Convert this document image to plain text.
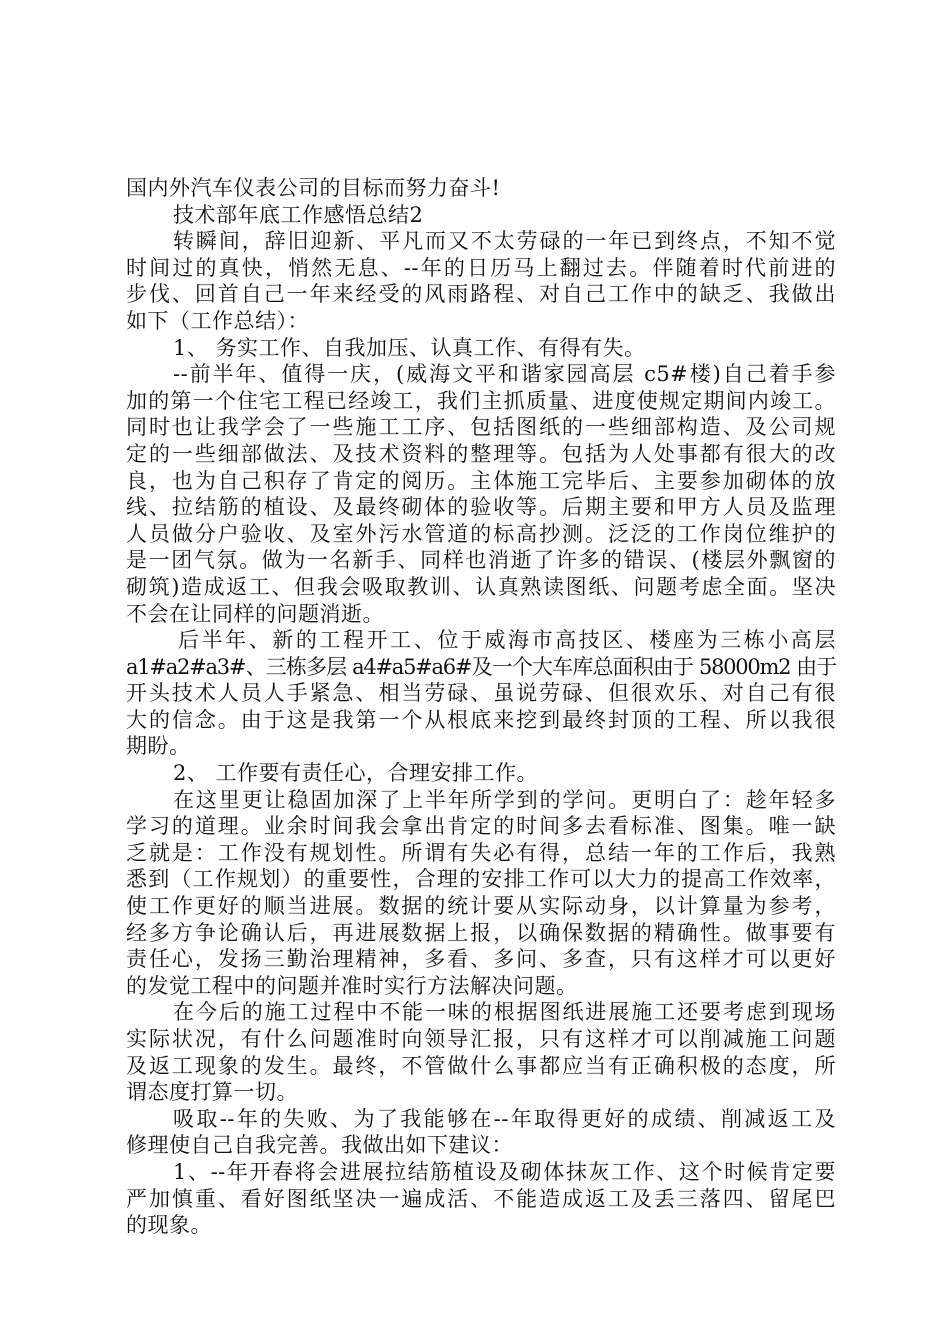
国内外汽车仪表公司的目标而努力奋斗!
技术部年底工作感悟总结2
转瞬间，辞旧迎新、平凡而又不太劳碌的一年已到终点，不知不觉
时间过的真快，悄然无息、--年的日历马上翻过去。伴随着时代前进的
步伐、回首自己一年来经受的风雨路程、对自己工作中的缺乏、我做出
如下（工作总结）：
1、 务实工作、自我加压、认真工作、有得有失。
--前半年、值得一庆，(威海文平和谐家园高层 c5#楼)自己着手参
加的第一个住宅工程已经竣工，我们主抓质量、进度使规定期间内竣工。
同时也让我学会了一些施工工序、包括图纸的一些细部构造、及公司规
定的一些细部做法、及技术资料的整理等。包括为人处事都有很大的改
良，也为自己积存了肯定的阅历。主体施工完毕后、主要参加砌体的放
线、拉结筋的植设、及最终砌体的验收等。后期主要和甲方人员及监理
人员做分户验收、及室外污水管道的标高抄测。泛泛的工作岗位维护的
是一团气氛。做为一名新手、同样也消逝了许多的错误、(楼层外飘窗的
砌筑)造成返工、但我会吸取教训、认真熟读图纸、问题考虑全面。坚决
不会在让同样的问题消逝。
后半年、新的工程开工、位于威海市高技区、楼座为三栋小高层
a1#a2#a3#、三栋多层 a4#a5#a6#及一个大车库总面积由于 58000m2 由于
开头技术人员人手紧急、相当劳碌、虽说劳碌、但很欢乐、对自己有很
大的信念。由于这是我第一个从根底来挖到最终封顶的工程、所以我很
期盼。
2、 工作要有责任心，合理安排工作。
在这里更让稳固加深了上半年所学到的学问。更明白了：趁年轻多
学习的道理。业余时间我会拿出肯定的时间多去看标准、图集。唯一缺
乏就是：工作没有规划性。所谓有失必有得，总结一年的工作后，我熟
悉到（工作规划）的重要性，合理的安排工作可以大力的提高工作效率，
使工作更好的顺当进展。数据的统计要从实际动身，以计算量为参考，
经多方争论确认后，再进展数据上报，以确保数据的精确性。做事要有
责任心，发扬三勤治理精神，多看、多问、多查，只有这样才可以更好
的发觉工程中的问题并准时实行方法解决问题。
在今后的施工过程中不能一味的根据图纸进展施工还要考虑到现场
实际状况，有什么问题准时向领导汇报，只有这样才可以削减施工问题
及返工现象的发生。最终，不管做什么事都应当有正确积极的态度，所
谓态度打算一切。
吸取--年的失败、为了我能够在--年取得更好的成绩、削减返工及
修理使自己自我完善。我做出如下建议：
1、--年开春将会进展拉结筋植设及砌体抹灰工作、这个时候肯定要
严加慎重、看好图纸坚决一遍成活、不能造成返工及丢三落四、留尾巴
的现象。
